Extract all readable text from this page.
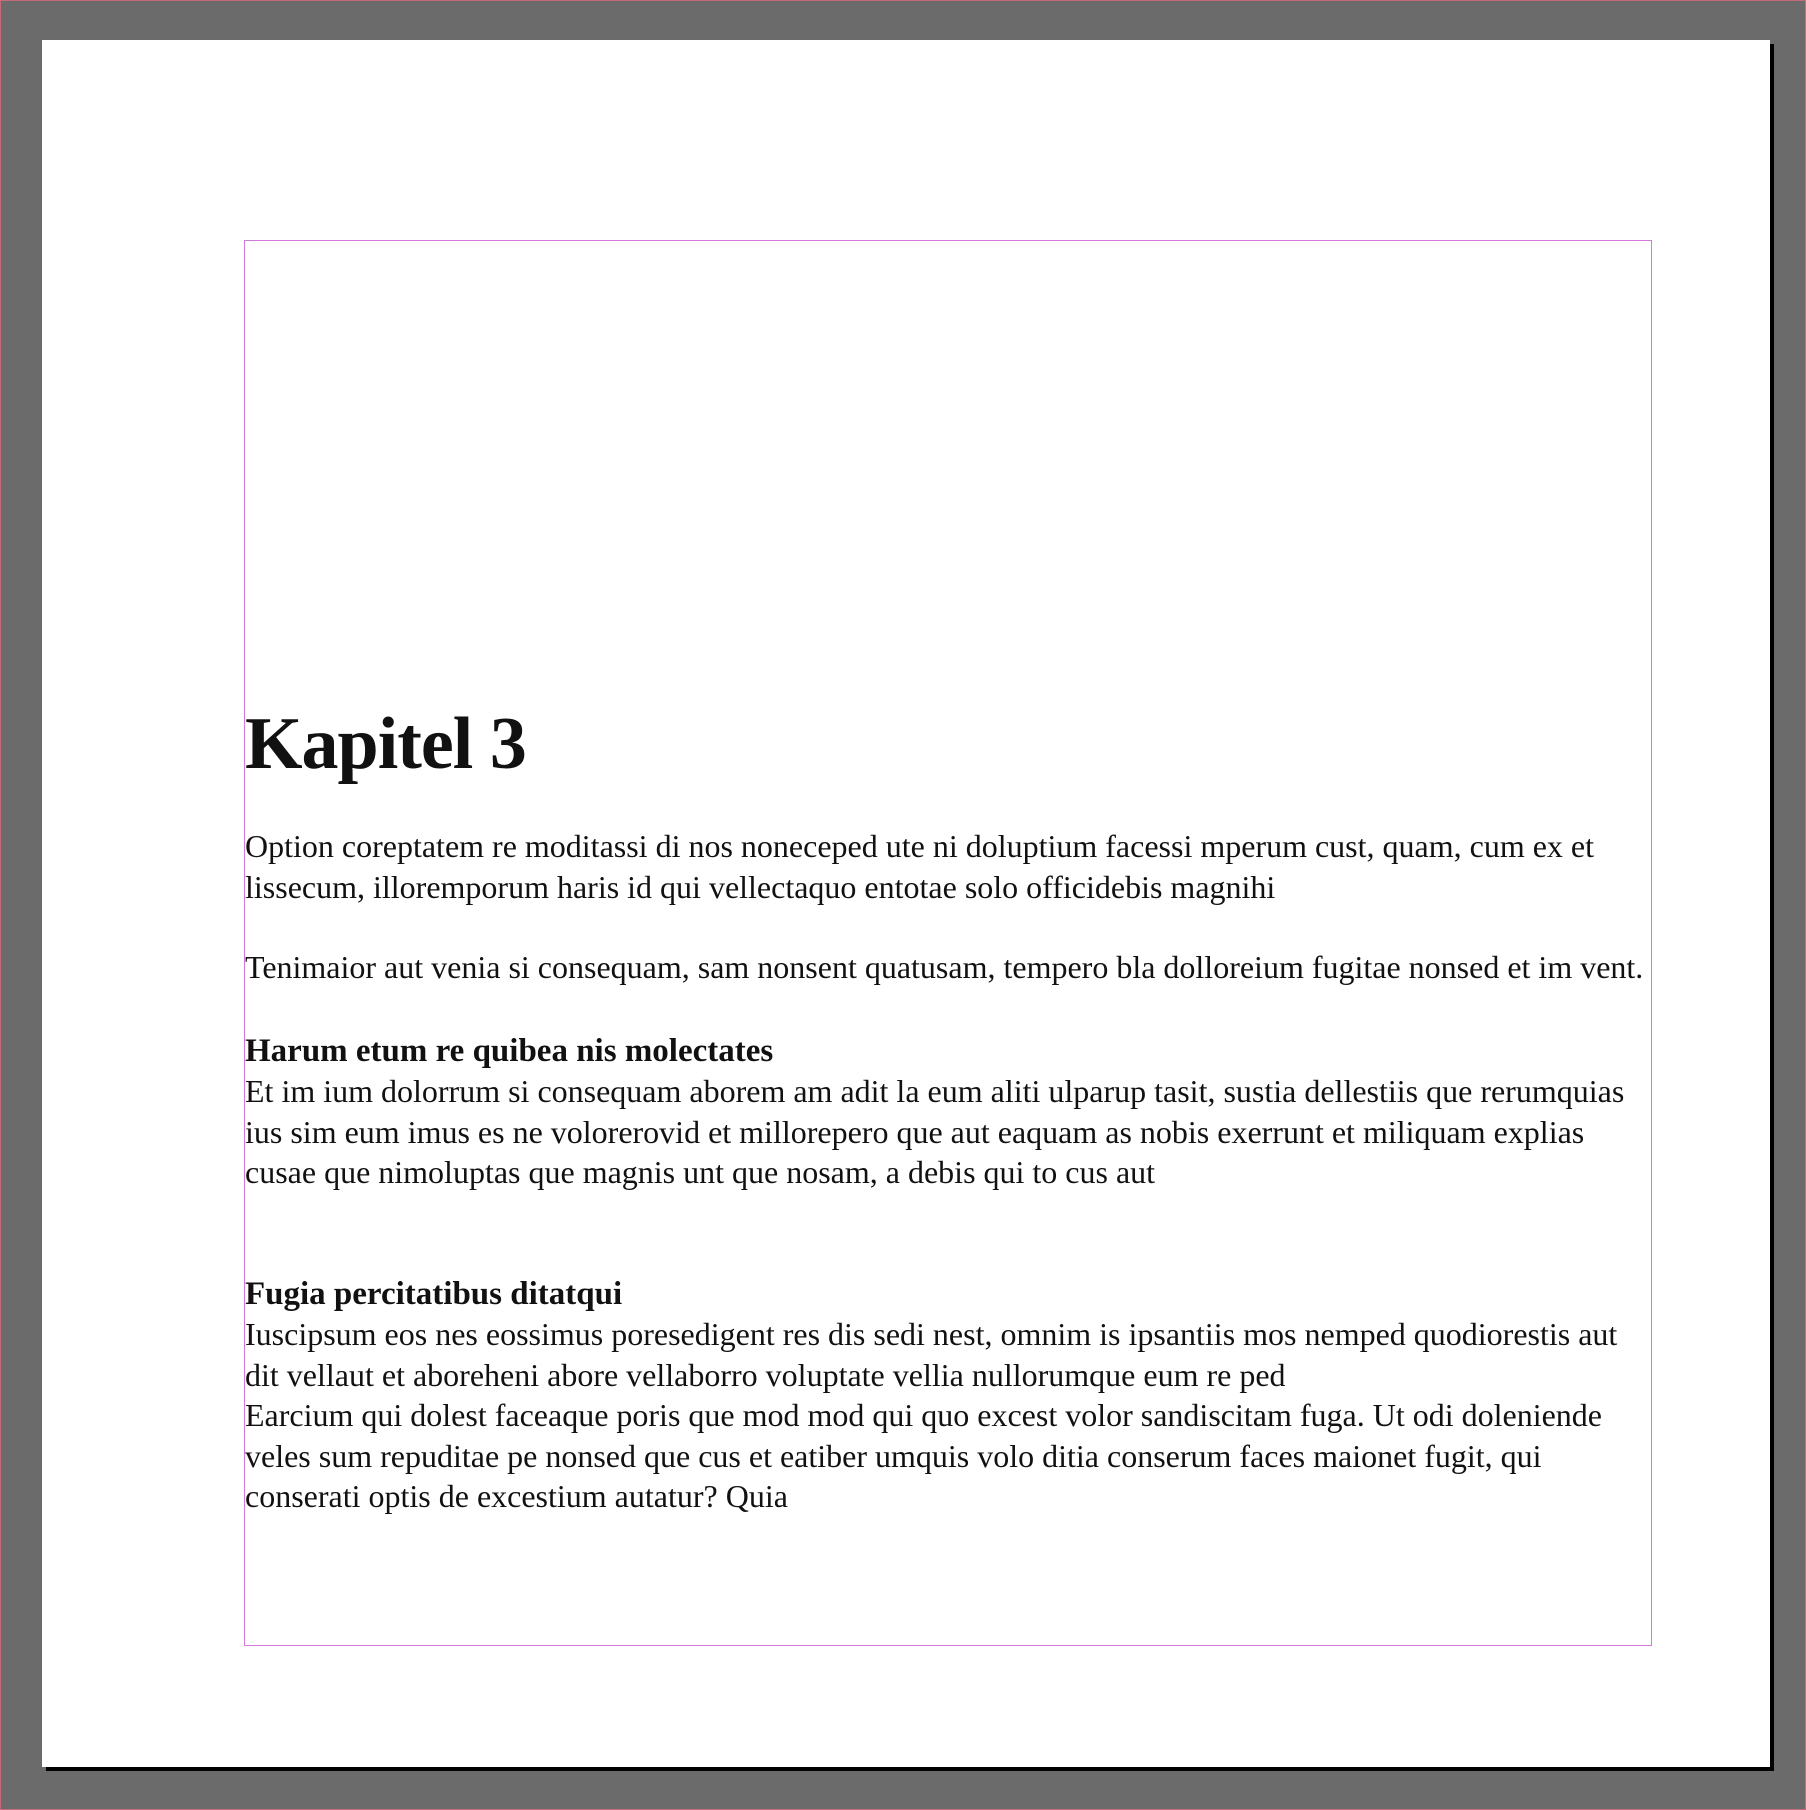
Kapitel 3

Option coreptatem re moditassi di nos noneceped ute ni doluptium facessi mperum cust, quam, cum ex et lissecum, illoremporum haris id qui vellectaquo entotae solo officidebis magnihi

Tenimaior aut venia si consequam, sam nonsent quatusam, tempero bla dolloreium fugitae nonsed et im vent.

Harum etum re quibea nis molectates

Et im ium dolorrum si consequam aborem am adit la eum aliti ulparup tasit, sustia dellestiis que rerumquias ius sim eum imus es ne volorerovid et millorepero que aut eaquam as nobis exerrunt et miliquam explias cusae que nimoluptas que magnis unt que nosam, a debis qui to cus aut

Fugia percitatibus ditatqui

Iuscipsum eos nes eossimus poresedigent res dis sedi nest, omnim is ipsantiis mos nemped quodiorestis aut dit vellaut et aboreheni abore vellaborro voluptate vellia nullorumque eum re ped

Earcium qui dolest faceaque poris que mod mod qui quo excest volor sandiscitam fuga. Ut odi doleniende veles sum repuditae pe nonsed que cus et eatiber umquis volo ditia conserum faces maionet fugit, qui conserati optis de excestium autatur? Quia
